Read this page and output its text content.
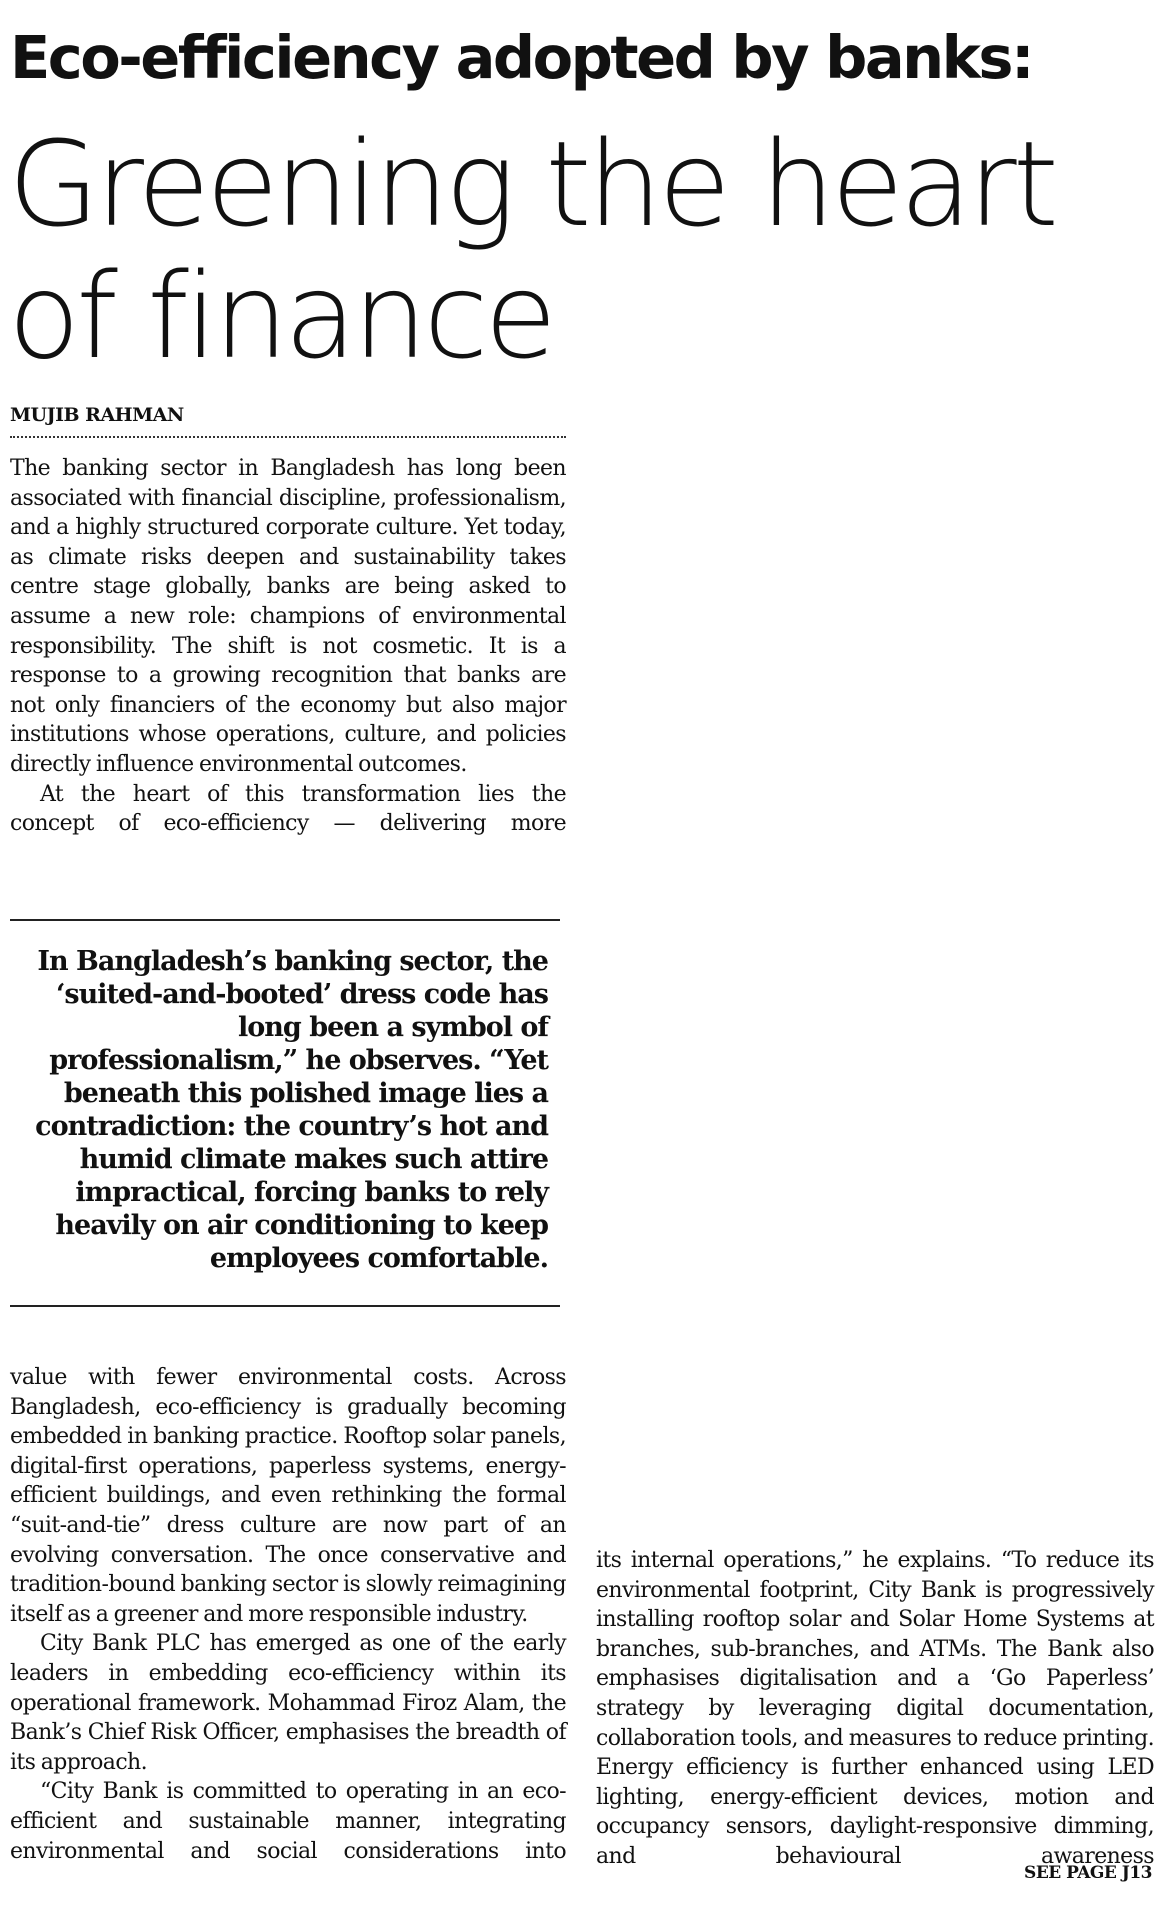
Eco-efficiency adopted by banks:
Greening the heart
of finance
MUJIB RAHMAN

The banking sector in Bangladesh has long been associated with financial discipline, professionalism, and a highly structured corporate culture. Yet today, as climate risks deepen and sustainability takes centre stage globally, banks are being asked to assume a new role: champions of environmental responsibility. The shift is not cosmetic. It is a response to a growing recognition that banks are not only financiers of the economy but also major institutions whose operations, culture, and policies directly influence environmental outcomes.

At the heart of this transformation lies the concept of eco-efficiency — delivering more

In Bangladesh’s banking sector, the ‘suited-and-booted’ dress code has long been a symbol of professionalism,” he observes. “Yet beneath this polished image lies a contradiction: the country’s hot and humid climate makes such attire impractical, forcing banks to rely heavily on air conditioning to keep employees comfortable.

value with fewer environmental costs. Across Bangladesh, eco-efficiency is gradually becoming embedded in banking practice. Rooftop solar panels, digital-first operations, paperless systems, energy-efficient buildings, and even rethinking the formal “suit-and-tie” dress culture are now part of an evolving conversation. The once conservative and tradition-bound banking sector is slowly reimagining itself as a greener and more responsible industry.

City Bank PLC has emerged as one of the early leaders in embedding eco-efficiency within its operational framework. Mohammad Firoz Alam, the Bank’s Chief Risk Officer, emphasises the breadth of its approach.

“City Bank is committed to operating in an eco-efficient and sustainable manner, integrating environmental and social considerations into

its internal operations,” he explains. “To reduce its environmental footprint, City Bank is progressively installing rooftop solar and Solar Home Systems at branches, sub-branches, and ATMs. The Bank also emphasises digitalisation and a ‘Go Paperless’ strategy by leveraging digital documentation, collaboration tools, and measures to reduce printing. Energy efficiency is further enhanced using LED lighting, energy-efficient devices, motion and occupancy sensors, daylight-responsive dimming, and behavioural awareness

SEE PAGE J13
